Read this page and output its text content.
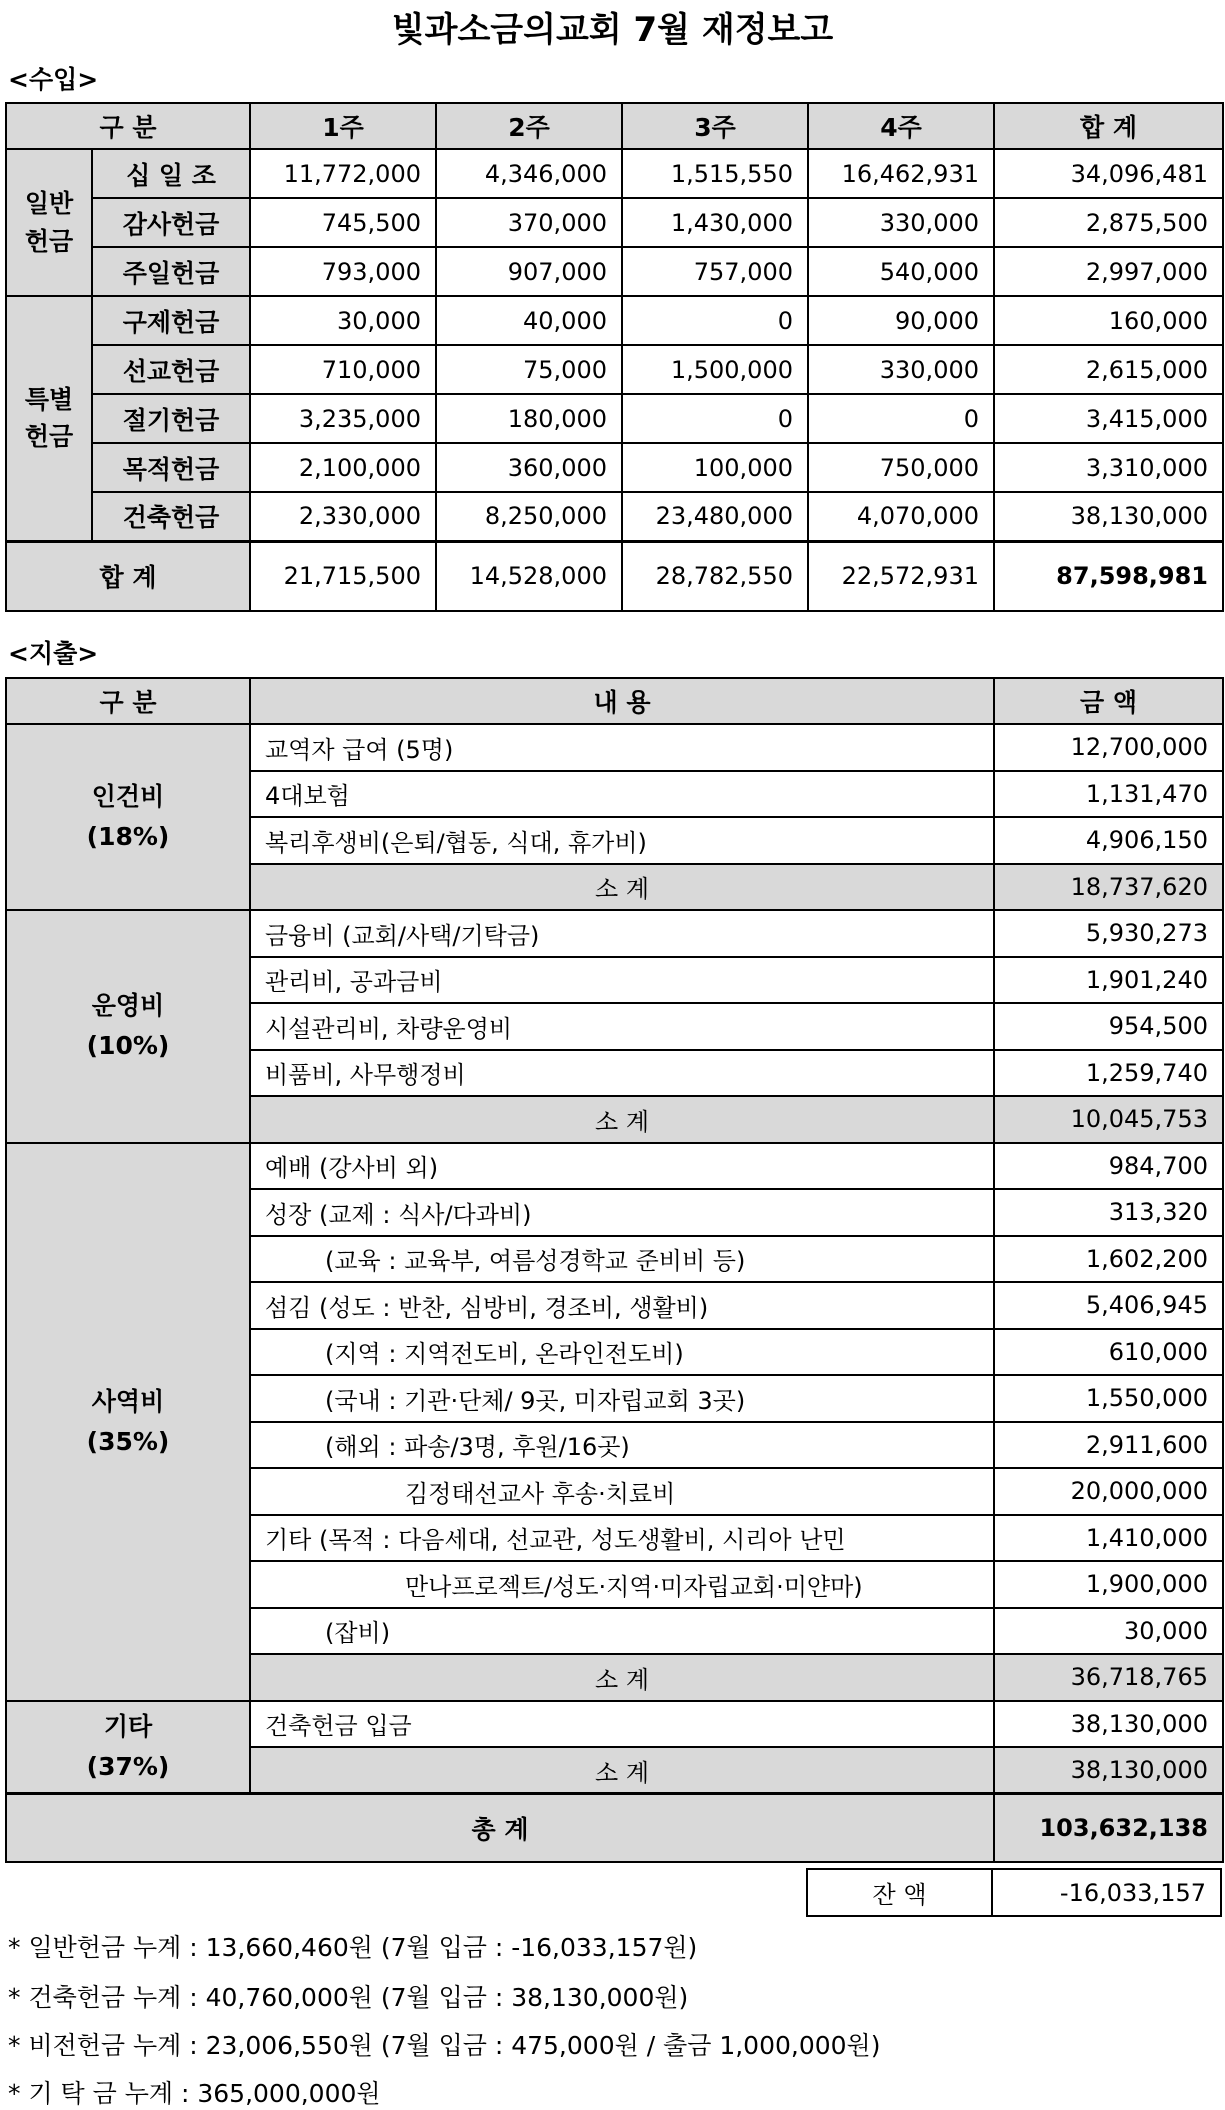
빛과소금의교회 7월 재정보고
<수입>
구 분		1주	2주	3주	4주	합 계
일반
헌금	십 일 조	11,772,000	4,346,000	1,515,550	16,462,931	34,096,481
	감사헌금	745,500	370,000	1,430,000	330,000	2,875,500
	주일헌금	793,000	907,000	757,000	540,000	2,997,000
특별
헌금	구제헌금	30,000	40,000	0	90,000	160,000
	선교헌금	710,000	75,000	1,500,000	330,000	2,615,000
	절기헌금	3,235,000	180,000	0	0	3,415,000
	목적헌금	2,100,000	360,000	100,000	750,000	3,310,000
	건축헌금	2,330,000	8,250,000	23,480,000	4,070,000	38,130,000
합 계		21,715,500	14,528,000	28,782,550	22,572,931	87,598,981
<지출>
구 분	내 용	금 액

인건비
(18%)	교역자 급여 (5명)	12,700,000
	4대보험	1,131,470
	복리후생비(은퇴/협동, 식대, 휴가비)	4,906,150
	소 계	18,737,620

운영비
(10%)	금융비 (교회/사택/기탁금)	5,930,273
	관리비, 공과금비	1,901,240
	시설관리비, 차량운영비	954,500
	비품비, 사무행정비	1,259,740
	소 계	10,045,753

사역비
(35%)	예배 (강사비 외)	984,700
	성장 (교제 : 식사/다과비)	313,320
	(교육 : 교육부, 여름성경학교 준비비 등)	1,602,200
	섬김 (성도 : 반찬, 심방비, 경조비, 생활비)	5,406,945
	(지역 : 지역전도비, 온라인전도비)	610,000
	(국내 : 기관·단체/ 9곳, 미자립교회 3곳)	1,550,000
	(해외 : 파송/3명, 후원/16곳)	2,911,600
	김정태선교사 후송·치료비	20,000,000
	기타 (목적 : 다음세대, 선교관, 성도생활비, 시리아 난민	1,410,000
	만나프로젝트/성도·지역·미자립교회·미얀마)	1,900,000
	(잡비)	30,000
	소 계	36,718,765

기타
(37%)	건축헌금 입금	38,130,000
	소 계	38,130,000
총 계		103,632,138
잔 액	-16,033,157
* 일반헌금 누계 : 13,660,460원 (7월 입금 : -16,033,157원)
* 건축헌금 누계 : 40,760,000원 (7월 입금 : 38,130,000원)
* 비전헌금 누계 : 23,006,550원 (7월 입금 : 475,000원 / 출금 1,000,000원)
* 기 탁 금 누계 : 365,000,000원
